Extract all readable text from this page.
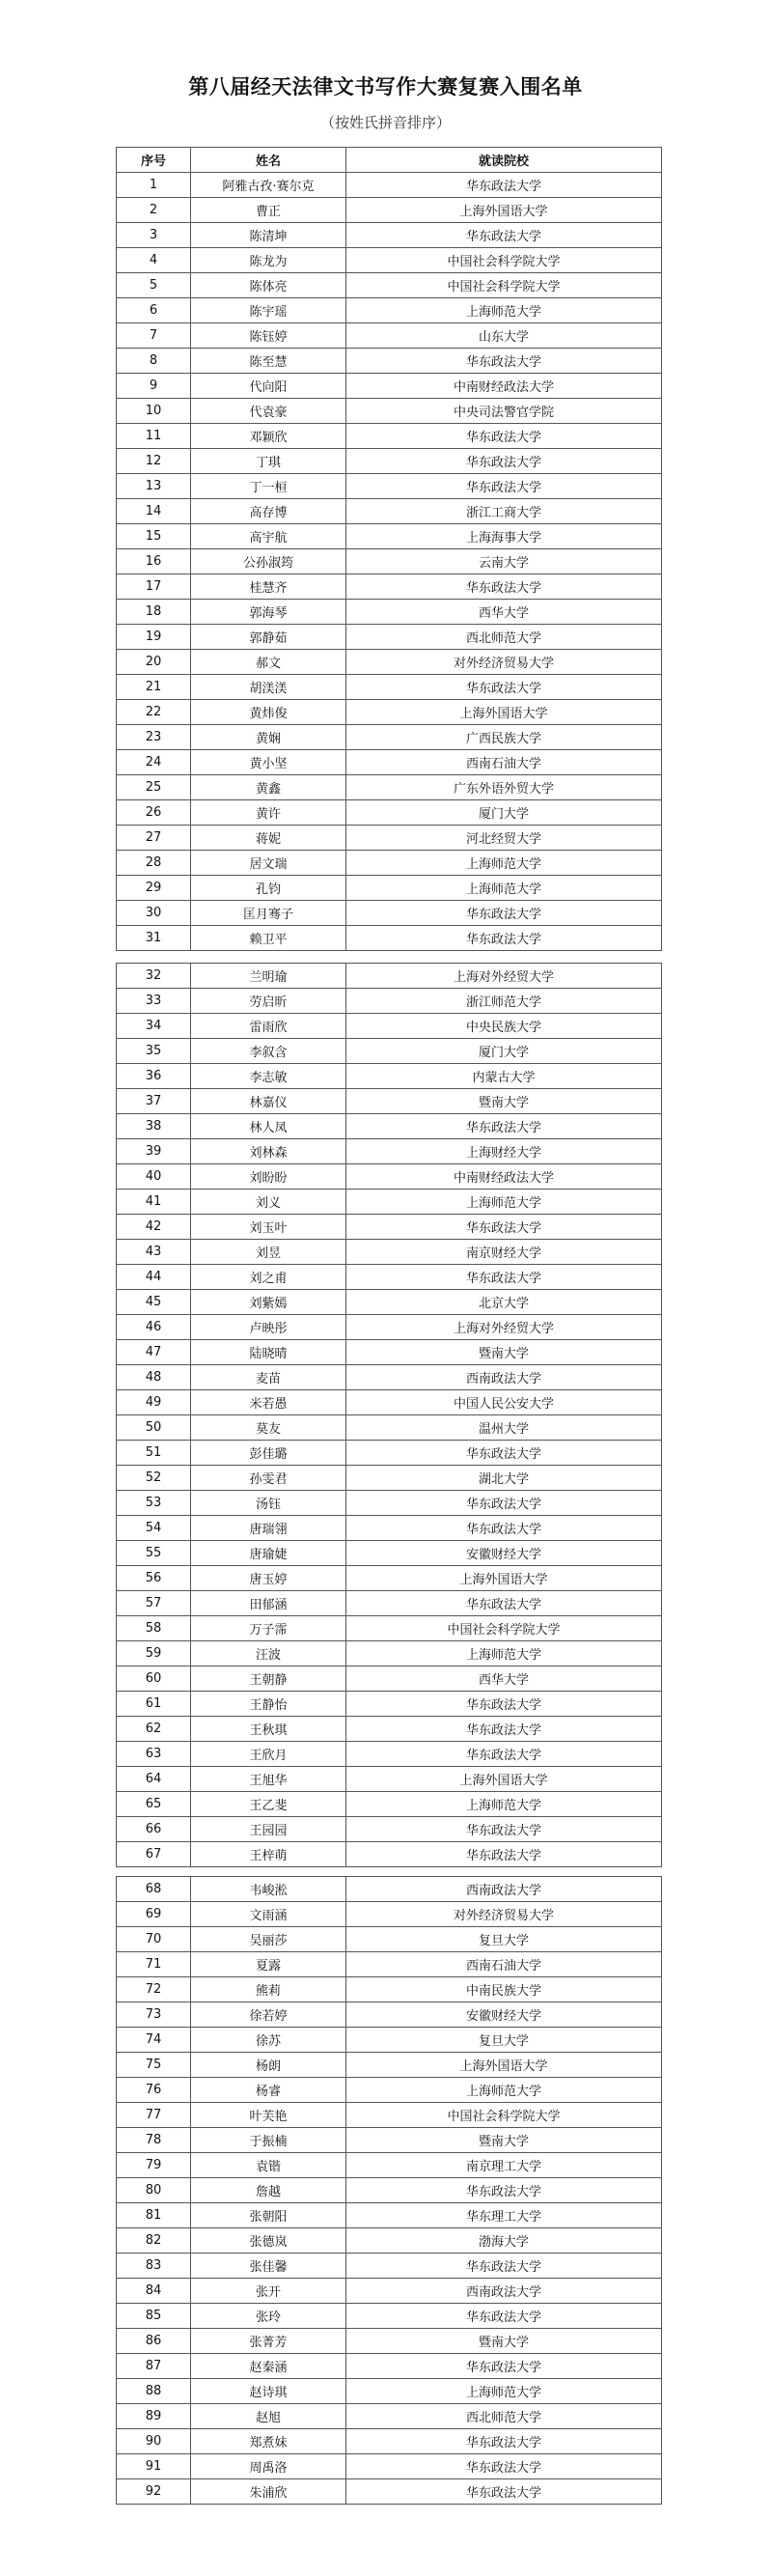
第八届经天法律文书写作大赛复赛入围名单
（按姓氏拼音排序）
序号	姓名	就读院校
1	阿雅古孜·赛尔克	华东政法大学
2	曹正	上海外国语大学
3	陈清坤	华东政法大学
4	陈龙为	中国社会科学院大学
5	陈体亮	中国社会科学院大学
6	陈宇瑶	上海师范大学
7	陈钰婷	山东大学
8	陈至慧	华东政法大学
9	代向阳	中南财经政法大学
10	代袁豪	中央司法警官学院
11	邓颖欣	华东政法大学
12	丁琪	华东政法大学
13	丁一桓	华东政法大学
14	高存博	浙江工商大学
15	高宇航	上海海事大学
16	公孙淑筠	云南大学
17	桂慧齐	华东政法大学
18	郭海琴	西华大学
19	郭静茹	西北师范大学
20	郝文	对外经济贸易大学
21	胡渼渼	华东政法大学
22	黄炜俊	上海外国语大学
23	黄娴	广西民族大学
24	黄小坚	西南石油大学
25	黄鑫	广东外语外贸大学
26	黄许	厦门大学
27	蒋妮	河北经贸大学
28	居文瑞	上海师范大学
29	孔钧	上海师范大学
30	匡月骞子	华东政法大学
31	赖卫平	华东政法大学
32	兰明瑜	上海对外经贸大学
33	劳启昕	浙江师范大学
34	雷雨欣	中央民族大学
35	李叙含	厦门大学
36	李志敏	内蒙古大学
37	林嘉仪	暨南大学
38	林人凤	华东政法大学
39	刘林森	上海财经大学
40	刘盼盼	中南财经政法大学
41	刘义	上海师范大学
42	刘玉叶	华东政法大学
43	刘昱	南京财经大学
44	刘之甫	华东政法大学
45	刘紫嫣	北京大学
46	卢映彤	上海对外经贸大学
47	陆晓晴	暨南大学
48	麦苗	西南政法大学
49	米若愚	中国人民公安大学
50	莫友	温州大学
51	彭佳璐	华东政法大学
52	孙雯君	湖北大学
53	汤钰	华东政法大学
54	唐瑞翎	华东政法大学
55	唐瑜婕	安徽财经大学
56	唐玉婷	上海外国语大学
57	田郁涵	华东政法大学
58	万子霈	中国社会科学院大学
59	汪波	上海师范大学
60	王朝静	西华大学
61	王静怡	华东政法大学
62	王秋琪	华东政法大学
63	王欣月	华东政法大学
64	王旭华	上海外国语大学
65	王乙斐	上海师范大学
66	王园园	华东政法大学
67	王梓萌	华东政法大学
68	韦峻淞	西南政法大学
69	文雨涵	对外经济贸易大学
70	吴丽莎	复旦大学
71	夏露	西南石油大学
72	熊莉	中南民族大学
73	徐若婷	安徽财经大学
74	徐苏	复旦大学
75	杨朗	上海外国语大学
76	杨睿	上海师范大学
77	叶芙艳	中国社会科学院大学
78	于振楠	暨南大学
79	袁锴	南京理工大学
80	詹越	华东政法大学
81	张朝阳	华东理工大学
82	张德岚	渤海大学
83	张佳馨	华东政法大学
84	张开	西南政法大学
85	张玲	华东政法大学
86	张菁芳	暨南大学
87	赵秦涵	华东政法大学
88	赵诗琪	上海师范大学
89	赵旭	西北师范大学
90	郑煮妹	华东政法大学
91	周禹洛	华东政法大学
92	朱浦欣	华东政法大学
